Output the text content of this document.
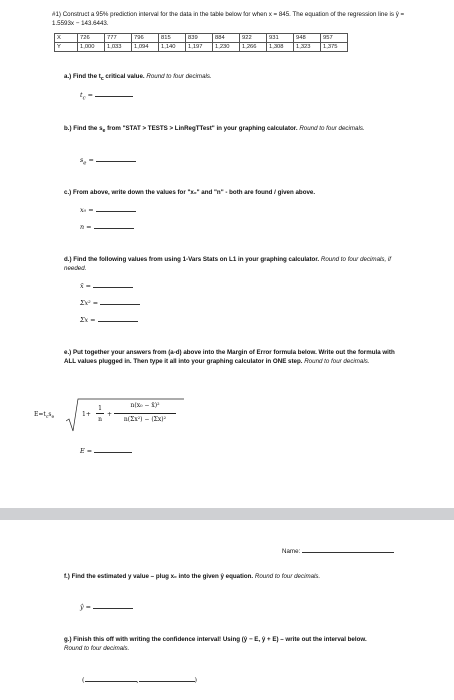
#1) Construct a 95% prediction interval for the data in the table below for when x = 845. The equation of the regression line is ŷ = 1.5593x − 143.6443.
X	726	777	796	815	839	884	922	931	948	957
Y	1,000	1,033	1,094	1,140	1,197	1,230	1,266	1,308	1,323	1,375
a.) Find the $t_c$ critical value. Round to four decimals.
$t_c$ =
b.) Find the $s_e$ from "STAT > TESTS > LinRegTTest" in your graphing calculator. Round to four decimals.
$s_e$ =
c.) From above, write down the values for "x₀" and "n" - both are found / given above.
x₀ =
n =
d.) Find the following values from using 1-Vars Stats on L1 in your graphing calculator. Round to four decimals, if needed.
x̄ =
Σx² =
Σx =
e.) Put together your answers from (a-d) above into the Margin of Error formula below. Write out the formula with ALL values plugged in. Then type it all into your graphing calculator in ONE step. Round to four decimals.
$E=t_cs_e$	1+
1
n
+
n(x₀ − x̄)²
n(Σx²) − (Σx)²
E =
Name:
f.) Find the estimated y value – plug x₀ into the given ŷ equation. Round to four decimals.
ŷ =
g.) Finish this off with writing the confidence interval! Using (ŷ − E, ŷ + E) – write out the interval below. Round to four decimals.
(	,	)
